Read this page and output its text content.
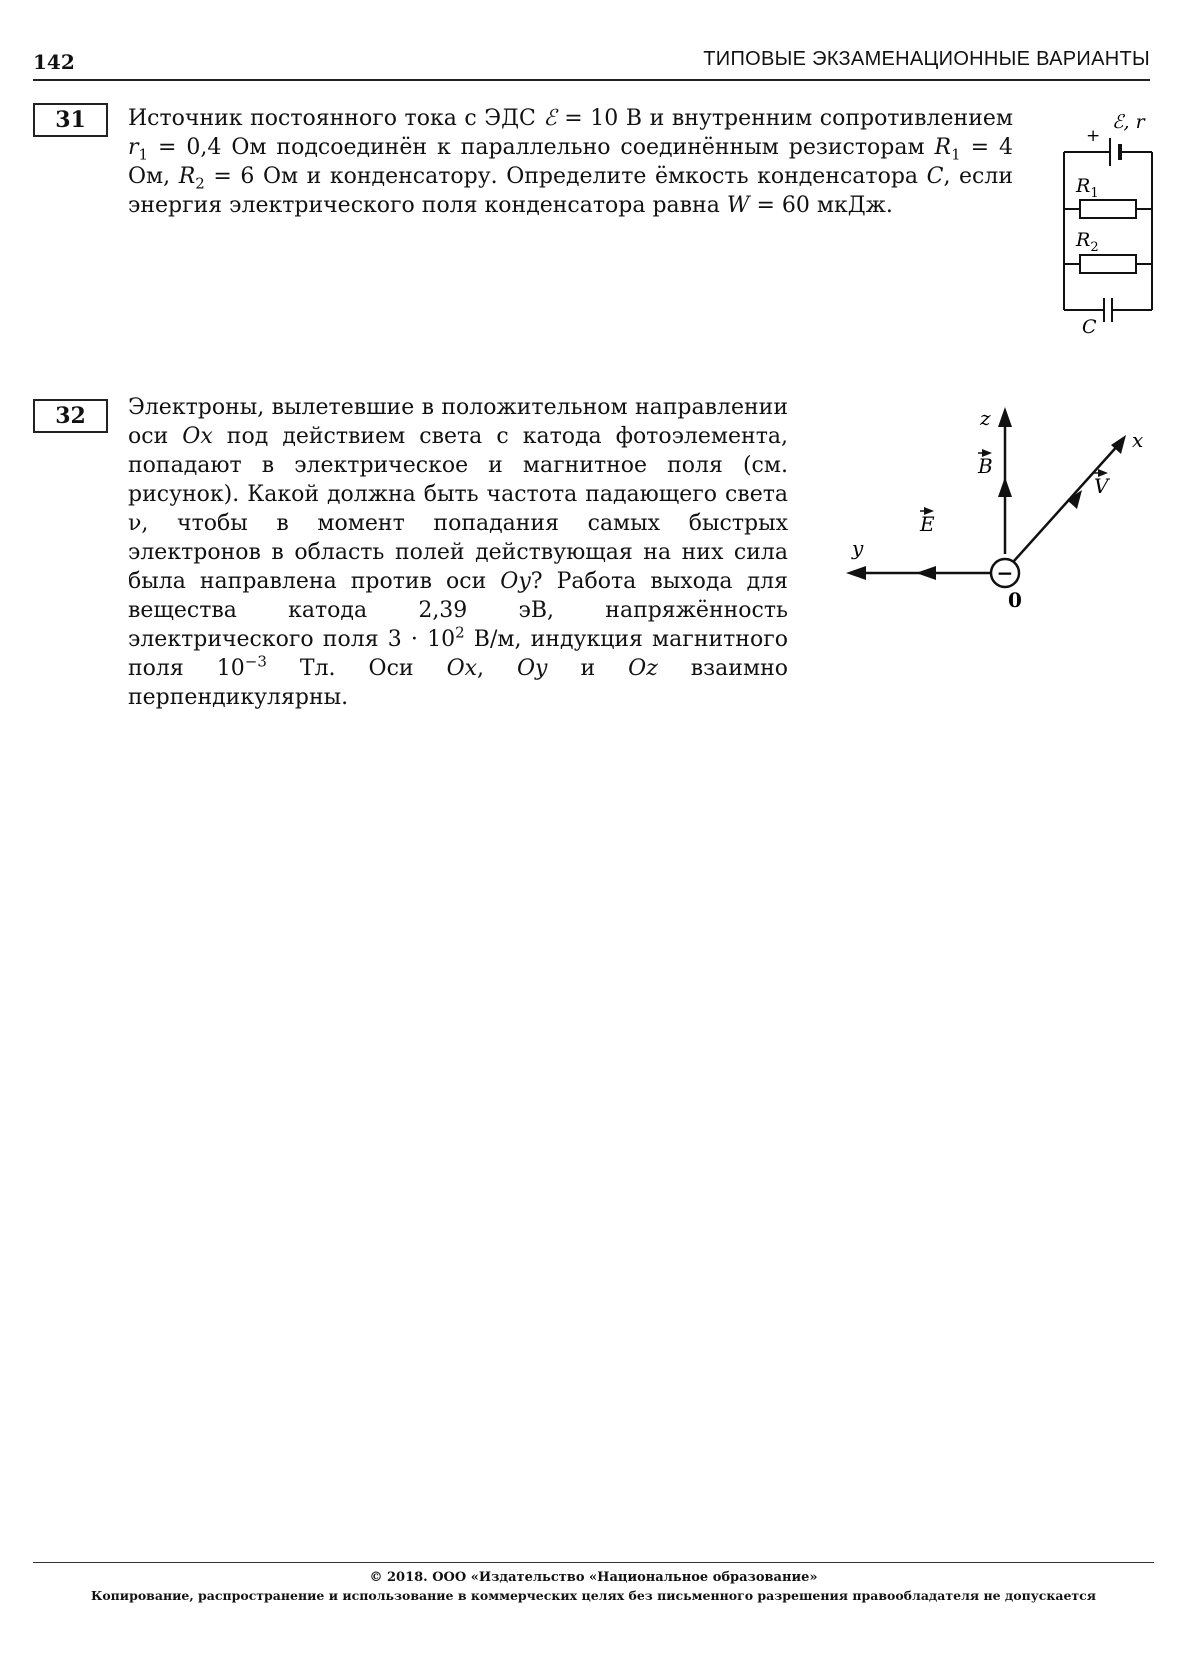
142	ТИПОВЫЕ ЭКЗАМЕНАЦИОННЫЕ ВАРИАНТЫ
31	Источник постоянного тока с ЭДС ℰ = 10 В и внутренним сопротивлением $r_1 = 0,4$ Ом подсоединён к параллельно соединённым резисторам $R_1 = 4$ Ом, $R_2 = 6$ Ом и конденсатору. Определите ёмкость конденсатора C, если энергия электрического поля конденсатора равна W = 60 мкДж.
ℰ, r
+
$R_1$
$R_2$
C
32	Электроны, вылетевшие в положительном направлении оси Ox под действием света с катода фотоэлемента, попадают в электрическое и магнитное поля (см. рисунок). Какой должна быть частота падающего света ν, чтобы в момент попадания самых быстрых электронов в область полей действующая на них сила была направлена против оси Oy? Работа выхода для вещества катода 2,39 эВ, напряжённость электрического поля $3 \cdot 10^2$ В/м, индукция магнитного поля $10^{-3}$ Тл. Оси Ox, Oy и Oz взаимно перпендикулярны.
−
z
x
y
0
B
E
V
© 2018. ООО «Издательство «Национальное образование»
Копирование, распространение и использование в коммерческих целях без письменного разрешения правообладателя не допускается
